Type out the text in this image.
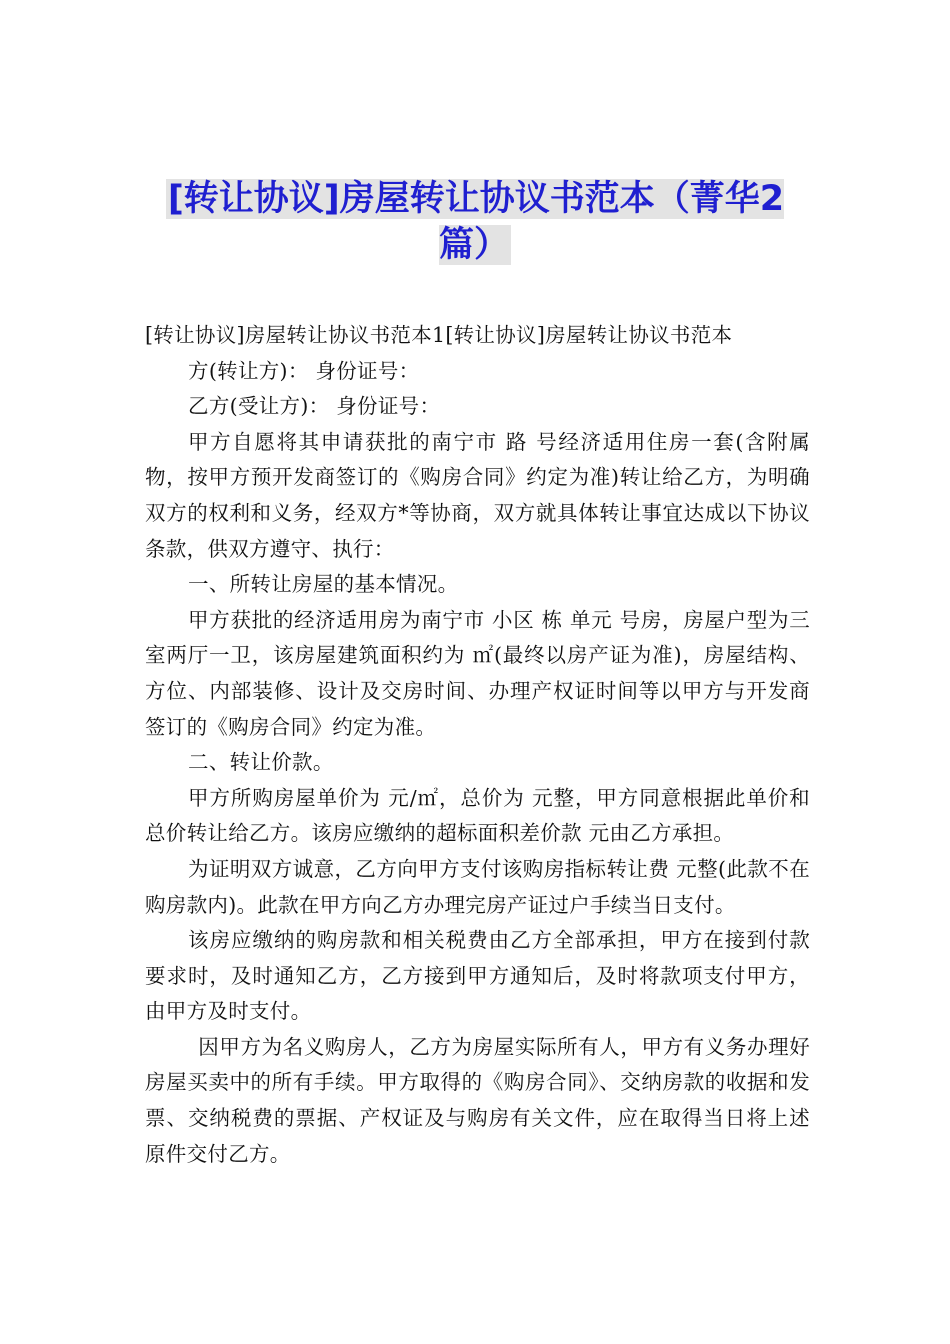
[转让协议]房屋转让协议书范本（菁华2篇）

[转让协议]房屋转让协议书范本1[转让协议]房屋转让协议书范本

方(转让方)： 身份证号：

乙方(受让方)： 身份证号：

甲方自愿将其申请获批的南宁市 路 号经济适用住房一套(含附属物，按甲方预开发商签订的《购房合同》约定为准)转让给乙方，为明确双方的权利和义务，经双方*等协商，双方就具体转让事宜达成以下协议条款，供双方遵守、执行：

一、所转让房屋的基本情况。

甲方获批的经济适用房为南宁市 小区 栋 单元 号房，房屋户型为三室两厅一卫，该房屋建筑面积约为 ㎡(最终以房产证为准)，房屋结构、方位、内部装修、设计及交房时间、办理产权证时间等以甲方与开发商签订的《购房合同》约定为准。

二、转让价款。

甲方所购房屋单价为 元/㎡，总价为 元整，甲方同意根据此单价和总价转让给乙方。该房应缴纳的超标面积差价款 元由乙方承担。

为证明双方诚意，乙方向甲方支付该购房指标转让费 元整(此款不在购房款内)。此款在甲方向乙方办理完房产证过户手续当日支付。

该房应缴纳的购房款和相关税费由乙方全部承担，甲方在接到付款要求时，及时通知乙方，乙方接到甲方通知后，及时将款项支付甲方，由甲方及时支付。

因甲方为名义购房人，乙方为房屋实际所有人，甲方有义务办理好房屋买卖中的所有手续。甲方取得的《购房合同》、交纳房款的收据和发票、交纳税费的票据、产权证及与购房有关文件，应在取得当日将上述原件交付乙方。
